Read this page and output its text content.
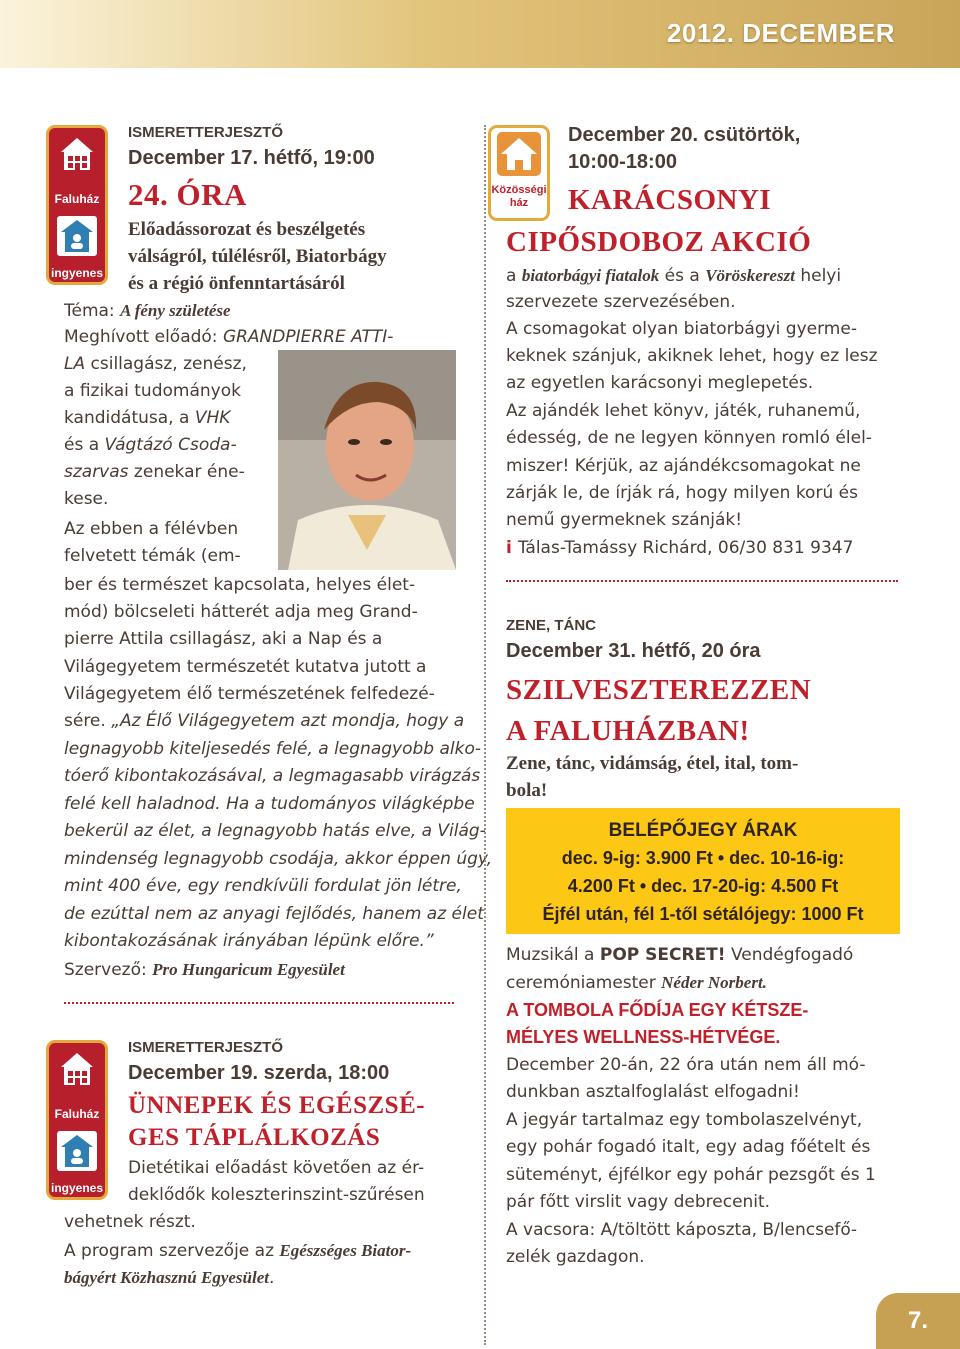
2012. DECEMBER
Faluház
ingyenes
ISMERETTERJESZTŐ
December 17. hétfő, 19:00
24. ÓRA
Előadássorozat és beszélgetés
válságról, túlélésről, Biatorbágy
és a régió önfenntartásáról
Téma: A fény születése
Meghívott előadó: GRANDPIERRE ATTI-
LA csillagász, zenész,
a fizikai tudományok
kandidátusa, a VHK
és a Vágtázó Csoda-
szarvas zenekar éne-
kese.
Az ebben a félévben
felvetett témák (em-
ber és természet kapcsolata, helyes élet-
mód) bölcseleti hátterét adja meg Grand-
pierre Attila csillagász, aki a Nap és a
Világegyetem természetét kutatva jutott a
Világegyetem élő természetének felfedezé-
sére. „Az Élő Világegyetem azt mondja, hogy a
legnagyobb kiteljesedés felé, a legnagyobb alko-
tóerő kibontakozásával, a legmagasabb virágzás
felé kell haladnod. Ha a tudományos világképbe
bekerül az élet, a legnagyobb hatás elve, a Világ-
mindenség legnagyobb csodája, akkor éppen úgy,
mint 400 éve, egy rendkívüli fordulat jön létre,
de ezúttal nem az anyagi fejlődés, hanem az élet
kibontakozásának irányában lépünk előre.”
Szervező: Pro Hungaricum Egyesület
Faluház
ingyenes
ISMERETTERJESZTŐ
December 19. szerda, 18:00
ÜNNEPEK ÉS EGÉSZSÉ-
GES TÁPLÁLKOZÁS
Dietétikai előadást követően az ér-
deklődők koleszterinszint-szűrésen
vehetnek részt.
A program szervezője az Egészséges Biator-
bágyért Közhasznú Egyesület.
Közösségi ház
December 20. csütörtök,
10:00-18:00
KARÁCSONYI
CIPŐSDOBOZ AKCIÓ
a biatorbágyi fiatalok és a Vöröskereszt helyi
szervezete szervezésében.
A csomagokat olyan biatorbágyi gyerme-
keknek szánjuk, akiknek lehet, hogy ez lesz
az egyetlen karácsonyi meglepetés.
Az ajándék lehet könyv, játék, ruhanemű,
édesség, de ne legyen könnyen romló élel-
miszer! Kérjük, az ajándékcsomagokat ne
zárják le, de írják rá, hogy milyen korú és
nemű gyermeknek szánják!
i Tálas-Tamássy Richárd, 06/30 831 9347
ZENE, TÁNC
December 31. hétfő, 20 óra
SZILVESZTEREZZEN
A FALUHÁZBAN!
Zene, tánc, vidámság, étel, ital, tom-
bola!
BELÉPŐJEGY ÁRAK
dec. 9-ig: 3.900 Ft • dec. 10-16-ig:
4.200 Ft • dec. 17-20-ig: 4.500 Ft
Éjfél után, fél 1-től sétálójegy: 1000 Ft
Muzsikál a POP SECRET! Vendégfogadó
ceremóniamester Néder Norbert.
A TOMBOLA FŐDÍJA EGY KÉTSZE-
MÉLYES WELLNESS-HÉTVÉGE.
December 20-án, 22 óra után nem áll mó-
dunkban asztalfoglalást elfogadni!
A jegyár tartalmaz egy tombolaszelvényt,
egy pohár fogadó italt, egy adag főételt és
süteményt, éjfélkor egy pohár pezsgőt és 1
pár főtt virslit vagy debrecenit.
A vacsora: A/töltött káposzta, B/lencsefő-
zelék gazdagon.
7.
